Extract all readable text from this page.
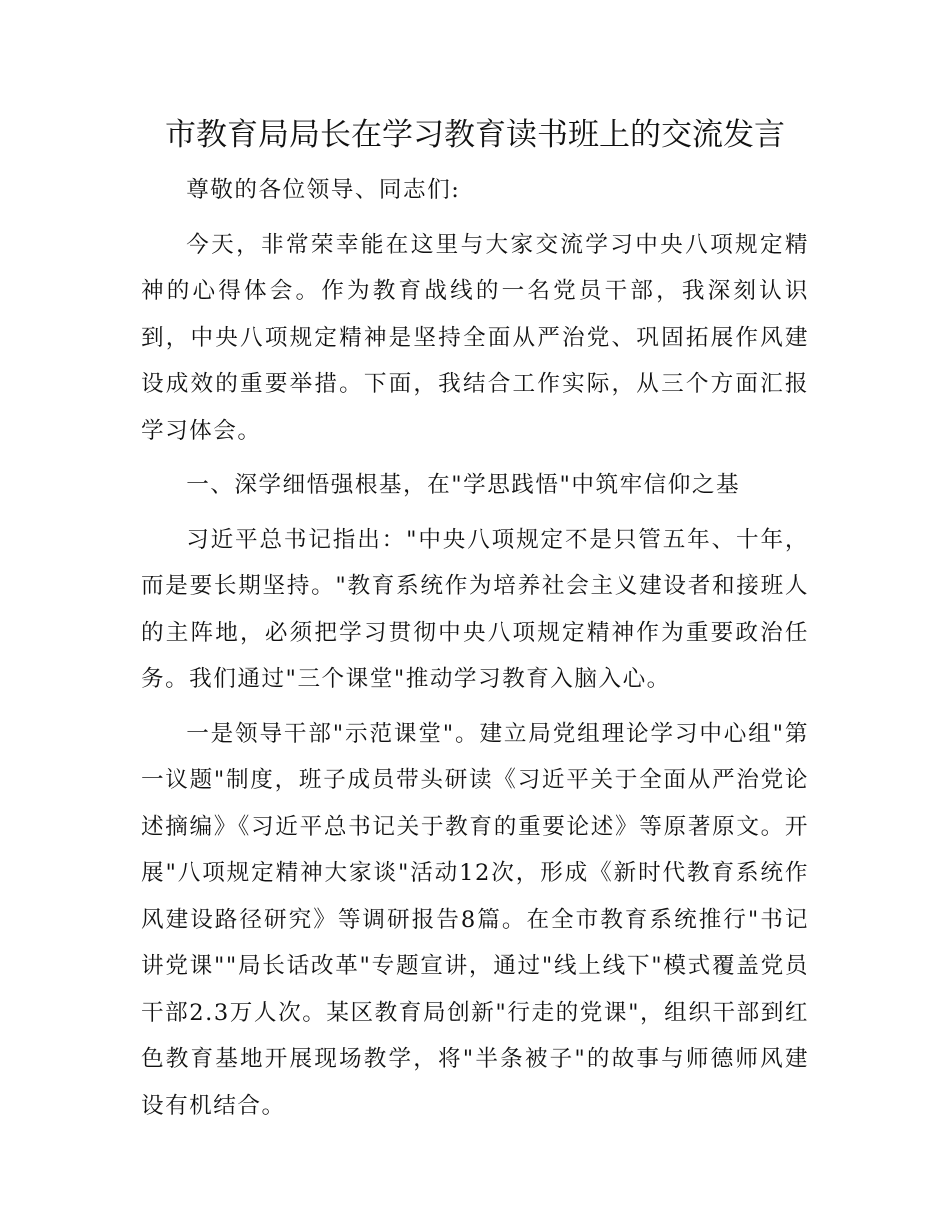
市教育局局长在学习教育读书班上的交流发言

尊敬的各位领导、同志们:

今天，非常荣幸能在这里与大家交流学习中央八项规定精神的心得体会。作为教育战线的一名党员干部，我深刻认识到，中央八项规定精神是坚持全面从严治党、巩固拓展作风建设成效的重要举措。下面，我结合工作实际，从三个方面汇报学习体会。

一、深学细悟强根基，在"学思践悟"中筑牢信仰之基

习近平总书记指出："中央八项规定不是只管五年、十年，而是要长期坚持。"教育系统作为培养社会主义建设者和接班人的主阵地，必须把学习贯彻中央八项规定精神作为重要政治任务。我们通过"三个课堂"推动学习教育入脑入心。

一是领导干部"示范课堂"。建立局党组理论学习中心组"第一议题"制度，班子成员带头研读《习近平关于全面从严治党论述摘编》《习近平总书记关于教育的重要论述》等原著原文。开展"八项规定精神大家谈"活动12次，形成《新时代教育系统作风建设路径研究》等调研报告8篇。在全市教育系统推行"书记讲党课""局长话改革"专题宣讲，通过"线上线下"模式覆盖党员干部2.3万人次。某区教育局创新"行走的党课"，组织干部到红色教育基地开展现场教学，将"半条被子"的故事与师德师风建设有机结合。
